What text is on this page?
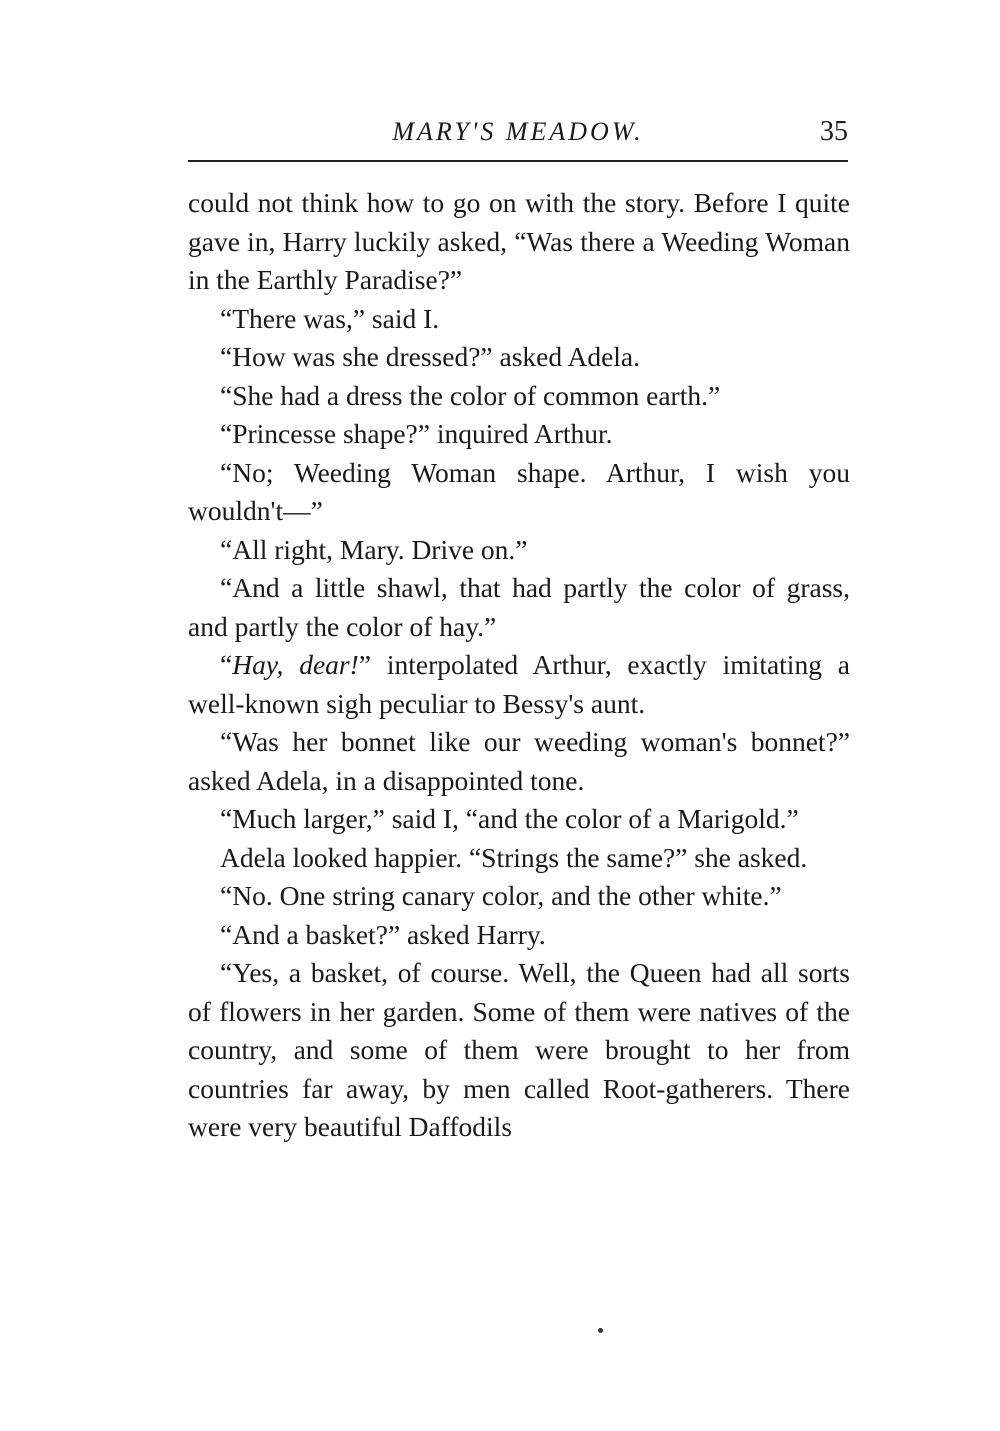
MARY'S MEADOW.	35

could not think how to go on with the story. Before I quite gave in, Harry luckily asked, “Was there a Weeding Woman in the Earthly Paradise?”

“There was,” said I.

“How was she dressed?” asked Adela.

“She had a dress the color of common earth.”

“Princesse shape?” inquired Arthur.

“No; Weeding Woman shape. Arthur, I wish you wouldn't—”

“All right, Mary. Drive on.”

“And a little shawl, that had partly the color of grass, and partly the color of hay.”

“Hay, dear!” interpolated Arthur, exactly imitating a well-known sigh peculiar to Bessy's aunt.

“Was her bonnet like our weeding woman's bonnet?” asked Adela, in a disappointed tone.

“Much larger,” said I, “and the color of a Marigold.”

Adela looked happier. “Strings the same?” she asked.

“No. One string canary color, and the other white.”

“And a basket?” asked Harry.

“Yes, a basket, of course. Well, the Queen had all sorts of flowers in her garden. Some of them were natives of the country, and some of them were brought to her from countries far away, by men called Root-gatherers. There were very beautiful Daffodils
